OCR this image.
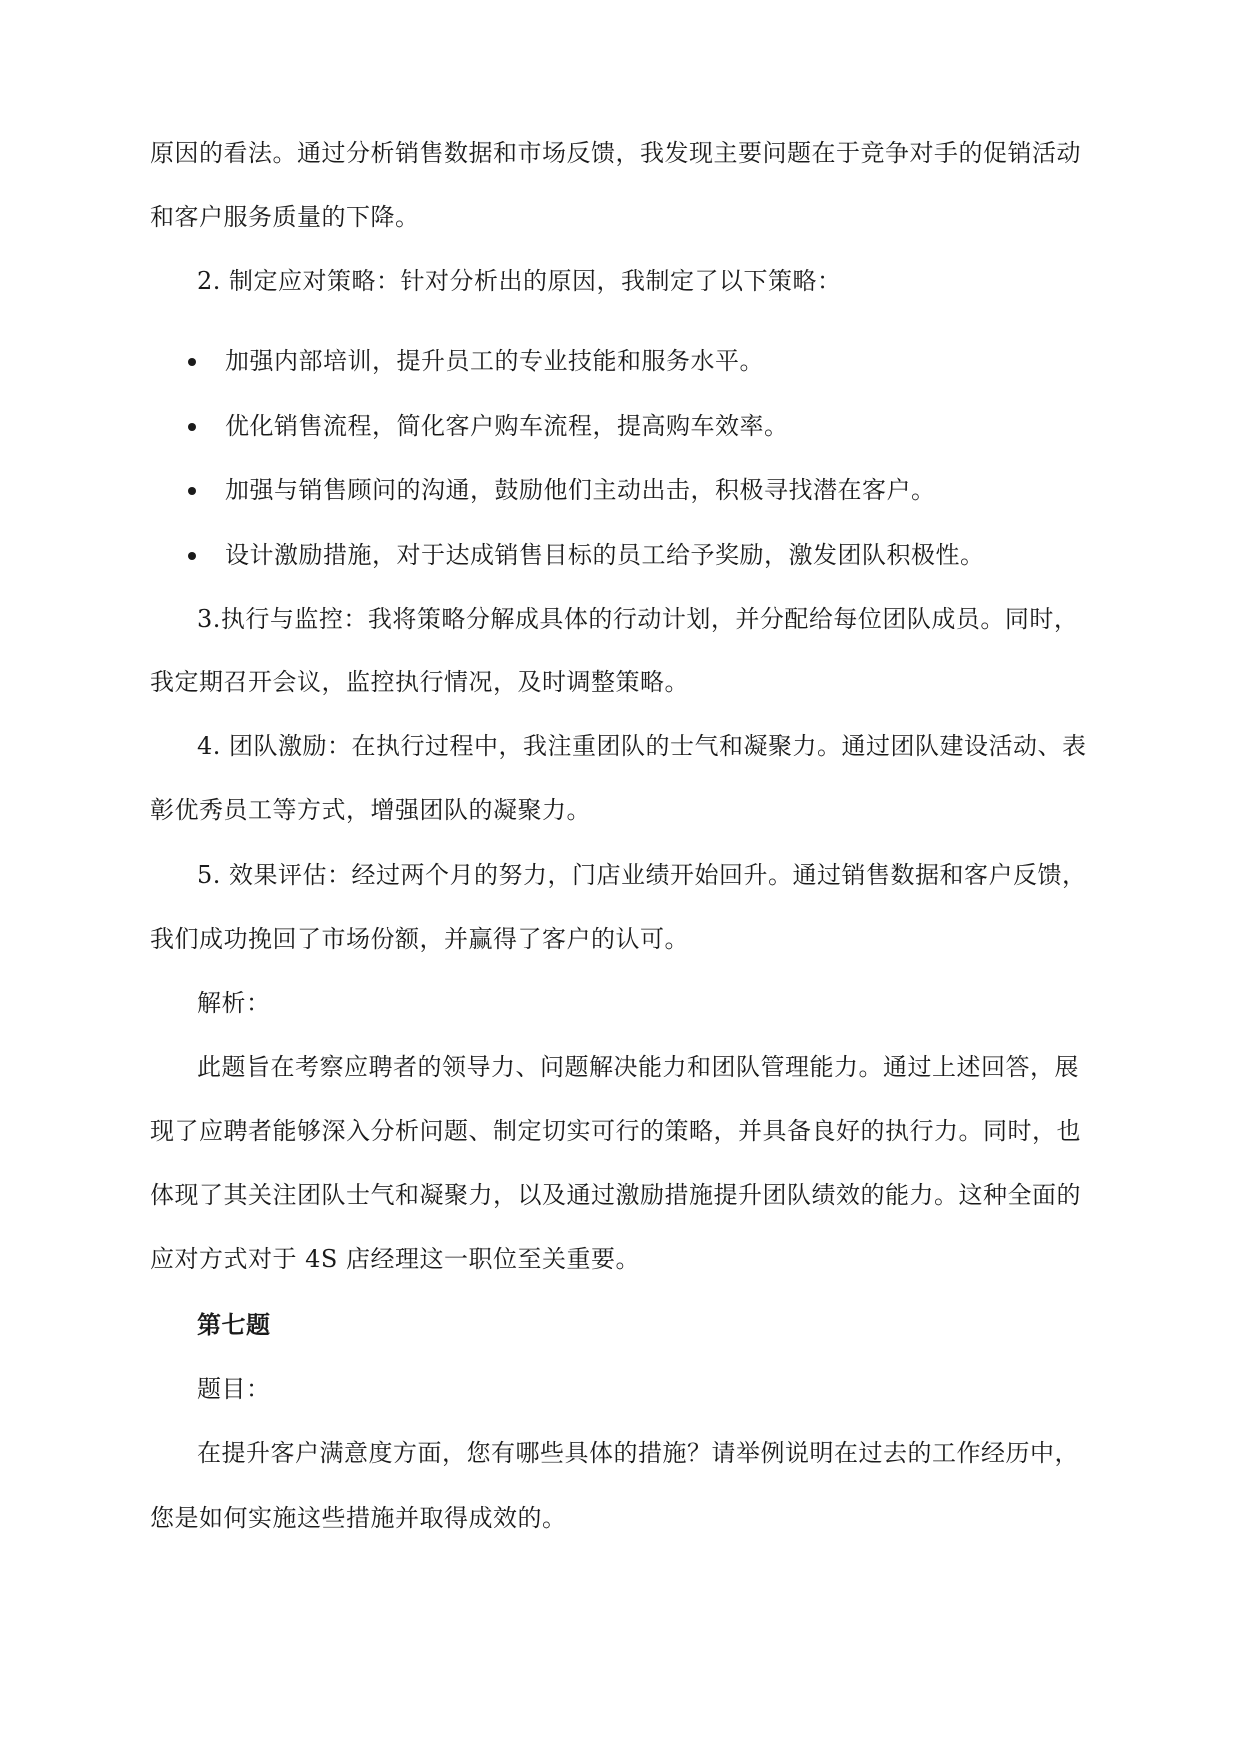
原因的看法。通过分析销售数据和市场反馈，我发现主要问题在于竞争对手的促销活动
和客户服务质量的下降。
2. 制定应对策略：针对分析出的原因，我制定了以下策略：
加强内部培训，提升员工的专业技能和服务水平。
优化销售流程，简化客户购车流程，提高购车效率。
加强与销售顾问的沟通，鼓励他们主动出击，积极寻找潜在客户。
设计激励措施，对于达成销售目标的员工给予奖励，激发团队积极性。
3.执行与监控：我将策略分解成具体的行动计划，并分配给每位团队成员。同时，
我定期召开会议，监控执行情况，及时调整策略。
4. 团队激励：在执行过程中，我注重团队的士气和凝聚力。通过团队建设活动、表
彰优秀员工等方式，增强团队的凝聚力。
5. 效果评估：经过两个月的努力，门店业绩开始回升。通过销售数据和客户反馈，
我们成功挽回了市场份额，并赢得了客户的认可。
解析：
此题旨在考察应聘者的领导力、问题解决能力和团队管理能力。通过上述回答，展
现了应聘者能够深入分析问题、制定切实可行的策略，并具备良好的执行力。同时，也
体现了其关注团队士气和凝聚力，以及通过激励措施提升团队绩效的能力。这种全面的
应对方式对于 4S 店经理这一职位至关重要。
第七题
题目：
在提升客户满意度方面，您有哪些具体的措施？请举例说明在过去的工作经历中，
您是如何实施这些措施并取得成效的。
